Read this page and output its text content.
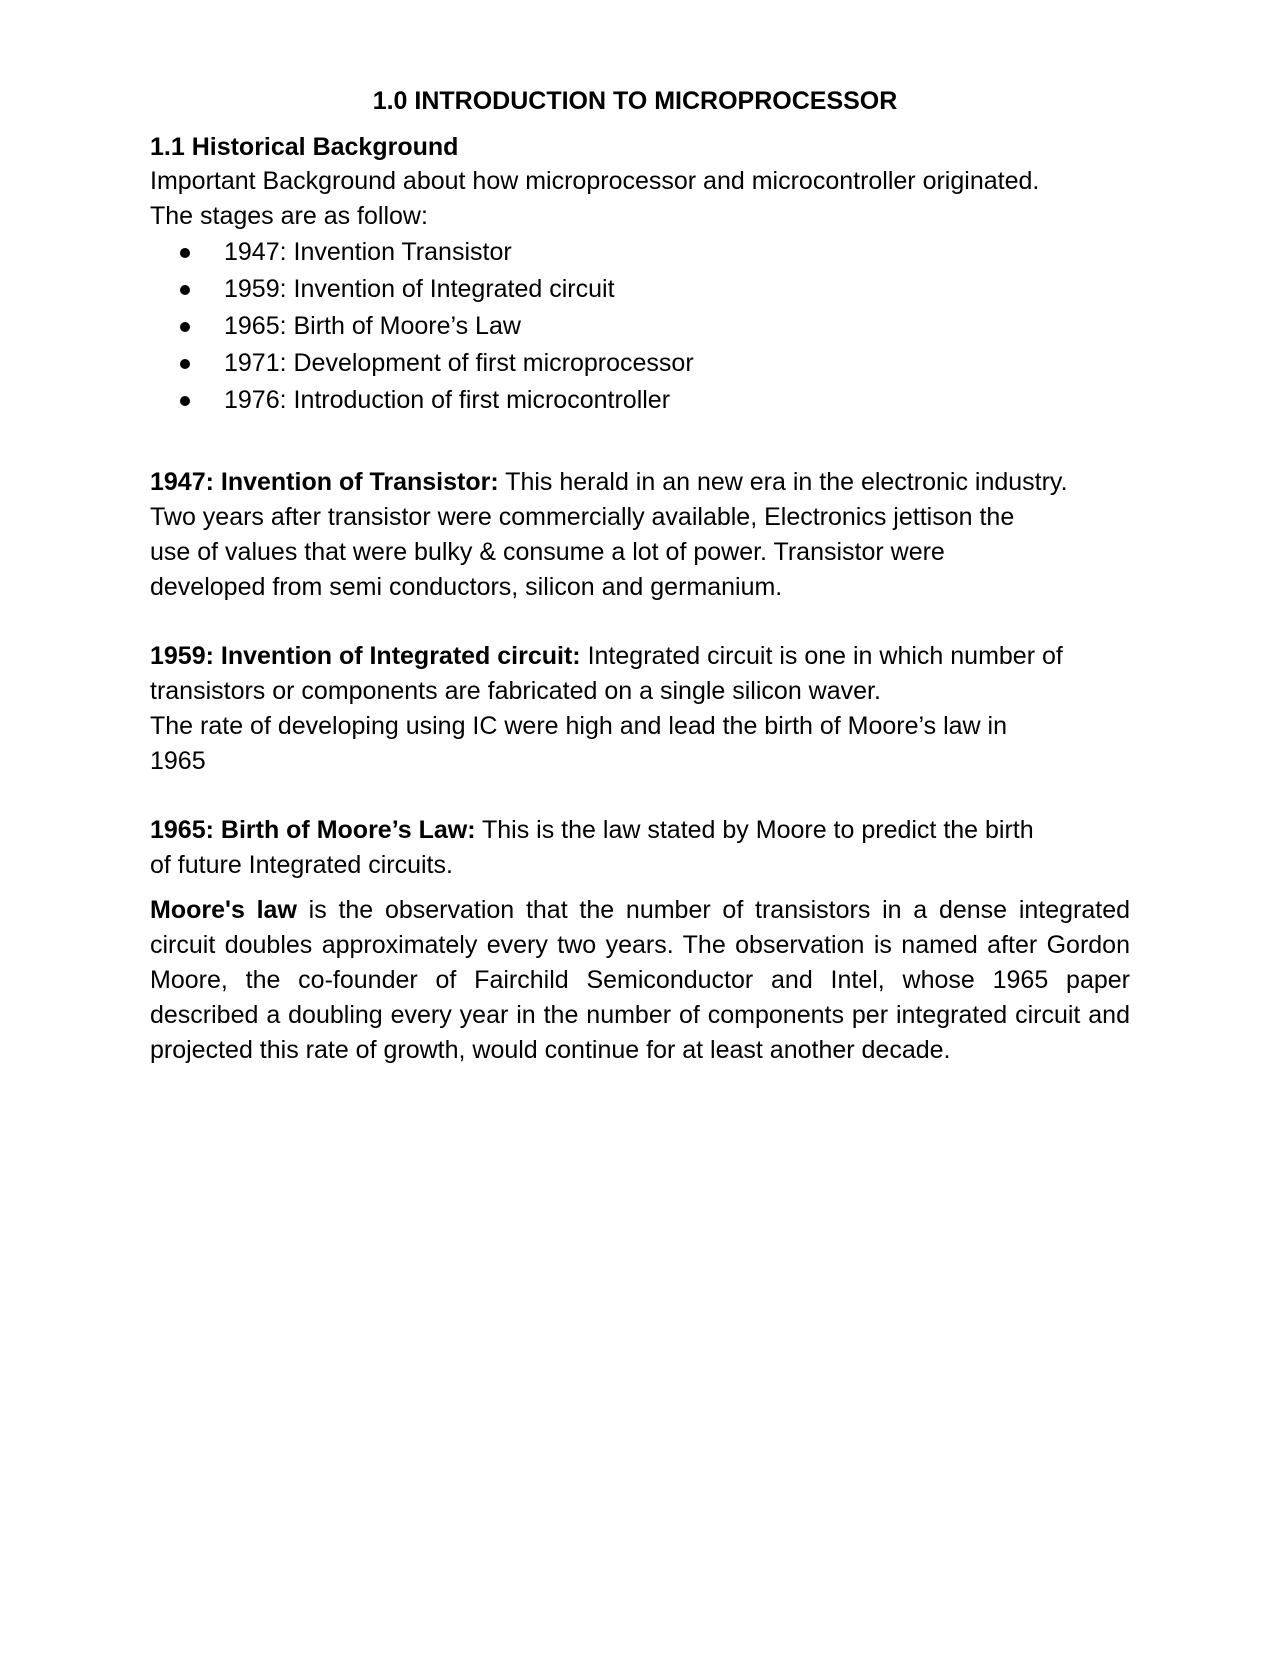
1.0 INTRODUCTION TO MICROPROCESSOR
1.1 Historical Background

Important Background about how microprocessor and microcontroller originated.

The stages are as follow:

1947: Invention Transistor
1959: Invention of Integrated circuit
1965: Birth of Moore’s Law
1971: Development of first microprocessor
1976: Introduction of first microcontroller

1947: Invention of Transistor: This herald in an new era in the electronic industry.

Two years after transistor were commercially available, Electronics jettison the

use of values that were bulky & consume a lot of power. Transistor were

developed from semi conductors, silicon and germanium.

1959: Invention of Integrated circuit: Integrated circuit is one in which number of

transistors or components are fabricated on a single silicon waver.

The rate of developing using IC were high and lead the birth of Moore’s law in

1965

1965: Birth of Moore’s Law: This is the law stated by Moore to predict the birth

of future Integrated circuits.

Moore's law is the observation that the number of transistors in a dense integrated circuit doubles approximately every two years. The observation is named after Gordon Moore, the co-founder of Fairchild Semiconductor and Intel, whose 1965 paper described a doubling every year in the number of components per integrated circuit and projected this rate of growth, would continue for at least another decade.
